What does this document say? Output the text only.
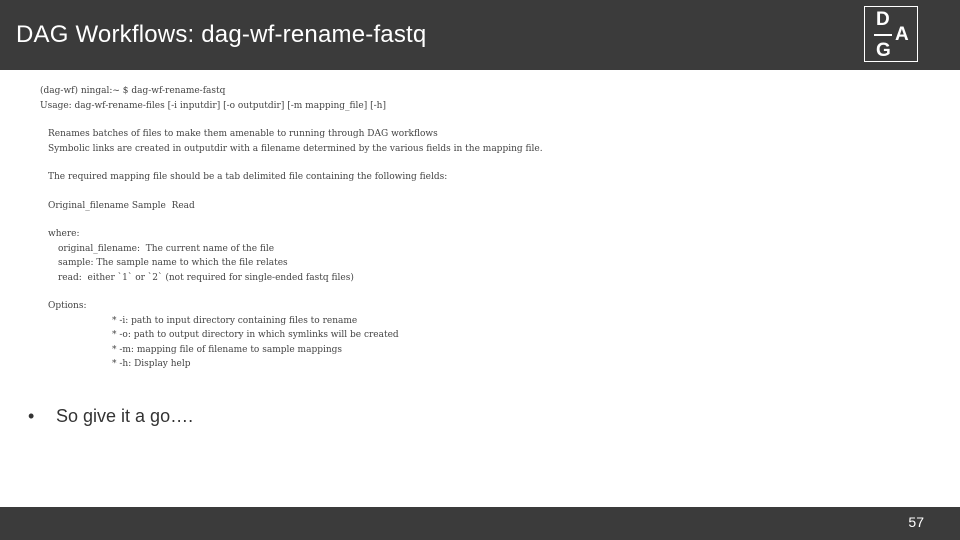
DAG Workflows: dag-wf-rename-fastq
D
A
G
(dag-wf) ningal:~ $ dag-wf-rename-fastq
Usage: dag-wf-rename-files [-i inputdir] [-o outputdir] [-m mapping_file] [-h]
Renames batches of files to make them amenable to running through DAG workflows
Symbolic links are created in outputdir with a filename determined by the various fields in the mapping file.
The required mapping file should be a tab delimited file containing the following fields:
Original_filename Sample  Read
where:
original_filename:  The current name of the file
sample: The sample name to which the file relates
read:  either `1` or `2` (not required for single-ended fastq files)
Options:
* -i: path to input directory containing files to rename
* -o: path to output directory in which symlinks will be created
* -m: mapping file of filename to sample mappings
* -h: Display help
• So give it a go….
57
